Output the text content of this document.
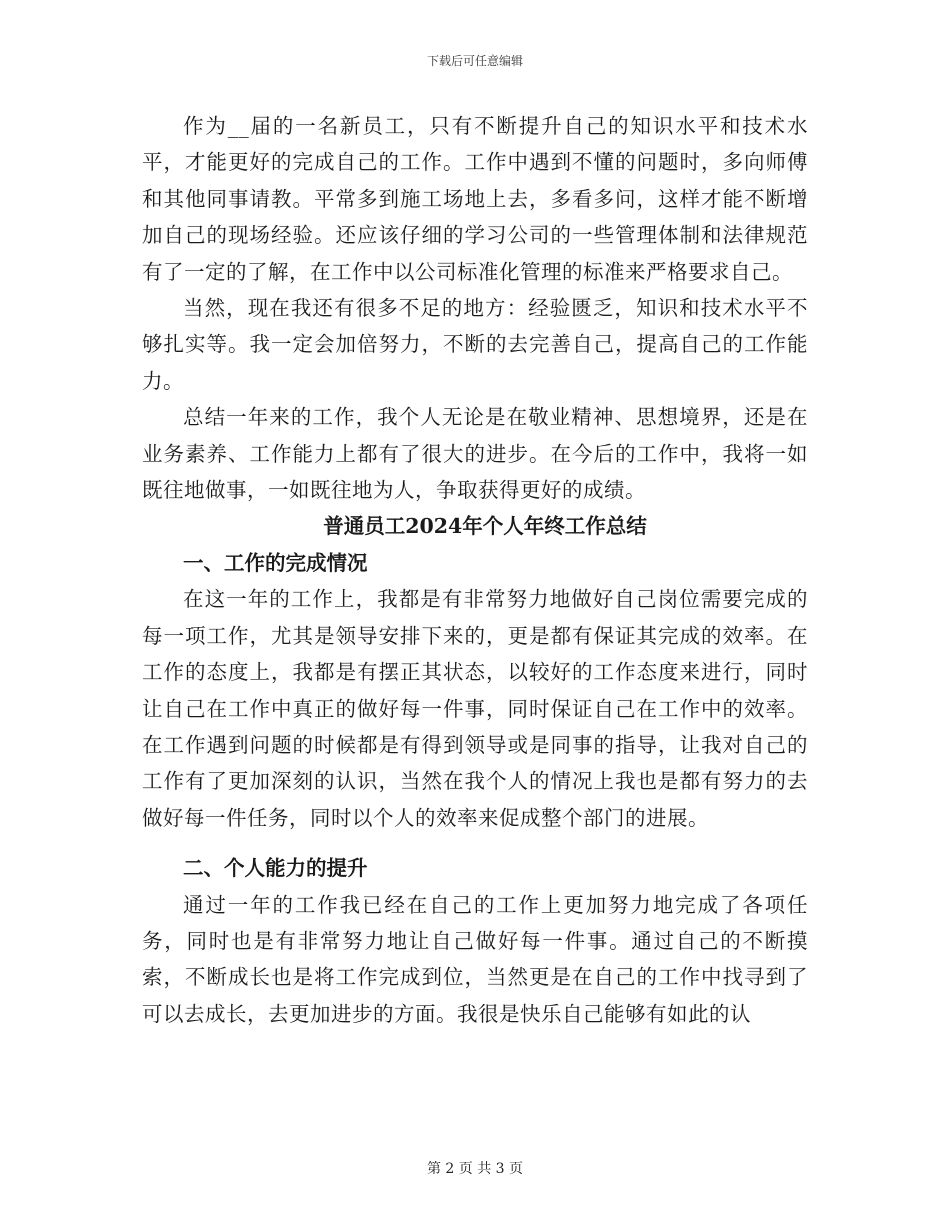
下载后可任意编辑

作为__届的一名新员工，只有不断提升自己的知识水平和技术水平，才能更好的完成自己的工作。工作中遇到不懂的问题时，多向师傅和其他同事请教。平常多到施工场地上去，多看多问，这样才能不断增加自己的现场经验。还应该仔细的学习公司的一些管理体制和法律规范有了一定的了解，在工作中以公司标准化管理的标准来严格要求自己。

当然，现在我还有很多不足的地方：经验匮乏，知识和技术水平不够扎实等。我一定会加倍努力，不断的去完善自己，提高自己的工作能力。

总结一年来的工作，我个人无论是在敬业精神、思想境界，还是在业务素养、工作能力上都有了很大的进步。在今后的工作中，我将一如既往地做事，一如既往地为人，争取获得更好的成绩。

普通员工2024年个人年终工作总结
一、工作的完成情况

在这一年的工作上，我都是有非常努力地做好自己岗位需要完成的每一项工作，尤其是领导安排下来的，更是都有保证其完成的效率。在工作的态度上，我都是有摆正其状态，以较好的工作态度来进行，同时让自己在工作中真正的做好每一件事，同时保证自己在工作中的效率。在工作遇到问题的时候都是有得到领导或是同事的指导，让我对自己的工作有了更加深刻的认识，当然在我个人的情况上我也是都有努力的去做好每一件任务，同时以个人的效率来促成整个部门的进展。

二、个人能力的提升

通过一年的工作我已经在自己的工作上更加努力地完成了各项任务，同时也是有非常努力地让自己做好每一件事。通过自己的不断摸索，不断成长也是将工作完成到位，当然更是在自己的工作中找寻到了可以去成长，去更加进步的方面。我很是快乐自己能够有如此的认

第 2 页 共 3 页
